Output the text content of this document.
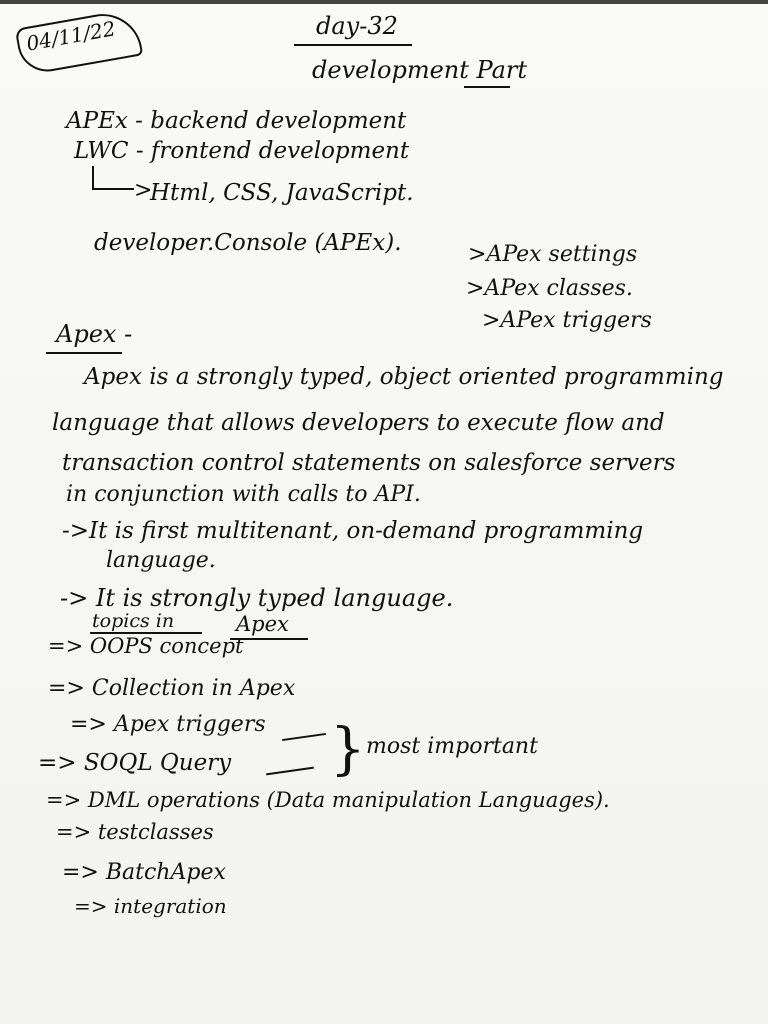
04/11/22	day-32
development Part
APEx - backend development
LWC - frontend development
>
Html, CSS, JavaScript.
developer.Console (APEx).	>APex settings
>APex classes.
>APex triggers
Apex -
Apex is a strongly typed, object oriented programming
language that allows developers to execute flow and
transaction control statements on salesforce servers
in conjunction with calls to API.
->It is first multitenant, on-demand programming
language.
-> It is strongly typed language.
topics in	Apex
=> OOPS concept
=> Collection in Apex
=> Apex triggers
=> SOQL Query } most important
=> DML operations (Data manipulation Languages).
=> testclasses
=> BatchApex
=> integration
